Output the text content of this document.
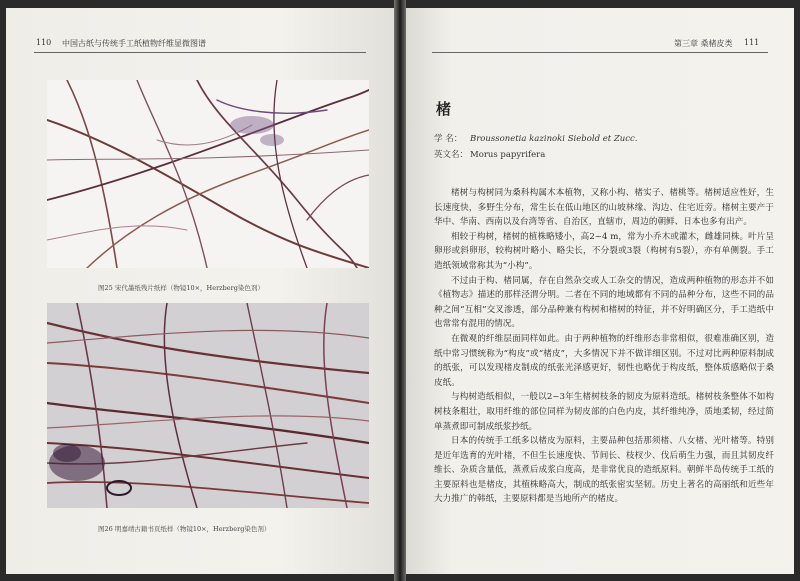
110 中国古纸与传统手工纸植物纤维显微图谱
图25 宋代墨纸残片纸样（物镜10×，Herzberg染色剂）
图26 明嘉靖古籍书页纸样（物镜10×，Herzberg染色剂）
第三章 桑楮皮类 111
楮
学 名： Broussonetia kazinoki Siebold et Zucc.
英文名： Morus papyrifera

楮树与构树同为桑科构属木本植物，又称小构、楮实子、楮桃等。楮树适应性好，生长速度快，多野生分布，常生长在低山地区的山坡林缘、沟边、住宅近旁。楮树主要产于华中、华南、西南以及台湾等省、自治区，直辖市，周边的朝鲜、日本也多有出产。

相较于构树，楮树的植株略矮小，高2~4 m，常为小乔木或灌木，雌雄同株。叶片呈卵形或斜卵形，较构树叶略小、略尖长，不分裂或3裂（构树有5裂），亦有单侧裂。手工造纸领域常称其为“小构”。

不过由于构、楮同属，存在自然杂交或人工杂交的情况，造成两种植物的形态并不如《植物志》描述的那样泾渭分明。二者在不同的地域都有不同的品种分布，这些不同的品种之间“互相”交叉渗透，部分品种兼有构树和楮树的特征，并不好明确区分，手工造纸中也常常有混用的情况。

在微观的纤维层面同样如此。由于两种植物的纤维形态非常相似，很难准确区别，造纸中常习惯统称为“构皮”或“楮皮”，大多情况下并不做详细区别。不过对比两种原料制成的纸张，可以发现楮皮制成的纸张光泽感更好，韧性也略优于构皮纸，整体质感略似于桑皮纸。

与构树造纸相似，一般以2~3年生楮树枝条的韧皮为原料造纸。楮树枝条整体不如构树枝条粗壮，取用纤维的部位同样为韧皮部的白色内皮，其纤维纯净，质地柔韧，经过简单蒸煮即可制成纸浆抄纸。

日本的传统手工纸多以楮皮为原料，主要品种包括那须楮、八女楮、光叶楮等。特别是近年选育的光叶楮，不但生长速度快、节间长、枝杈少、伐后萌生力强，而且其韧皮纤维长、杂质含量低，蒸煮后成浆白度高，是非常优良的造纸原料。朝鲜半岛传统手工纸的主要原料也是楮皮，其植株略高大，制成的纸张密实坚韧。历史上著名的高丽纸和近些年大力推广的韩纸，主要原料都是当地所产的楮皮。
